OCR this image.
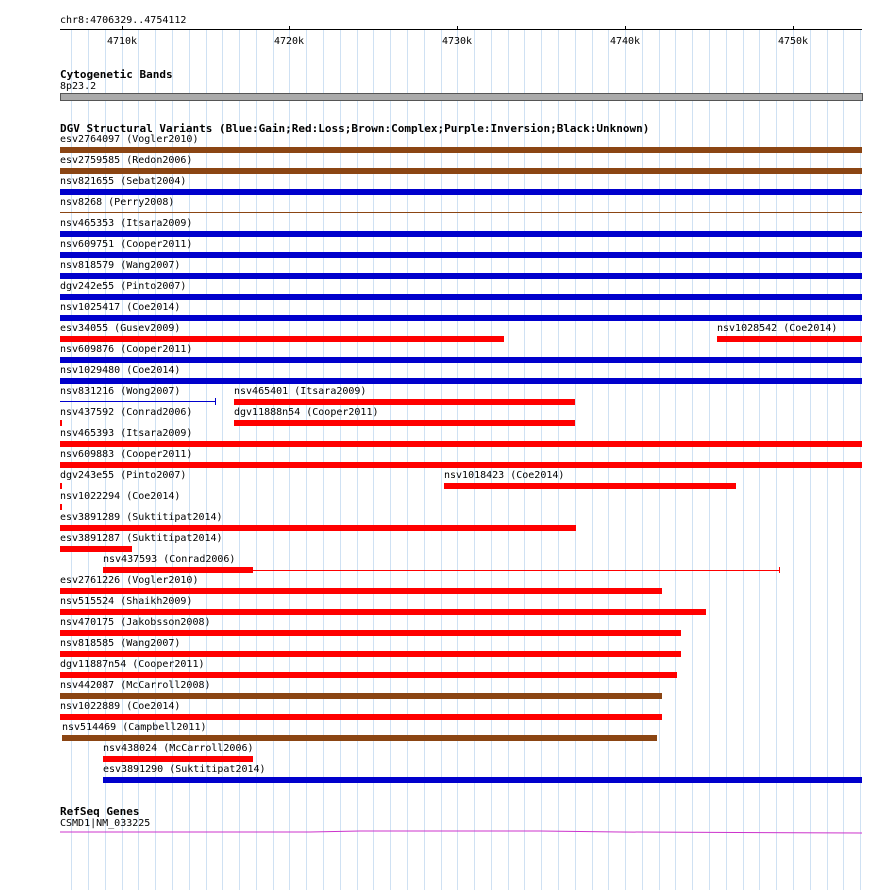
chr8:4706329..4754112
4710k	4720k	4730k	4740k	4750k
Cytogenetic Bands
8p23.2
DGV Structural Variants (Blue:Gain;Red:Loss;Brown:Complex;Purple:Inversion;Black:Unknown)
esv2764097 (Vogler2010)
esv2759585 (Redon2006)
nsv821655 (Sebat2004)
nsv8268 (Perry2008)
nsv465353 (Itsara2009)
nsv609751 (Cooper2011)
nsv818579 (Wang2007)
dgv242e55 (Pinto2007)
nsv1025417 (Coe2014)
esv34055 (Gusev2009)	nsv1028542 (Coe2014)
nsv609876 (Cooper2011)
nsv1029480 (Coe2014)
nsv831216 (Wong2007)	nsv465401 (Itsara2009)
nsv437592 (Conrad2006)	dgv11888n54 (Cooper2011)
nsv465393 (Itsara2009)
nsv609883 (Cooper2011)
dgv243e55 (Pinto2007)	nsv1018423 (Coe2014)
nsv1022294 (Coe2014)
esv3891289 (Suktitipat2014)
esv3891287 (Suktitipat2014)
nsv437593 (Conrad2006)
esv2761226 (Vogler2010)
nsv515524 (Shaikh2009)
nsv470175 (Jakobsson2008)
nsv818585 (Wang2007)
dgv11887n54 (Cooper2011)
nsv442087 (McCarroll2008)
nsv1022889 (Coe2014)
nsv514469 (Campbell2011)
nsv438024 (McCarroll2006)
esv3891290 (Suktitipat2014)
RefSeq Genes
CSMD1|NM_033225
